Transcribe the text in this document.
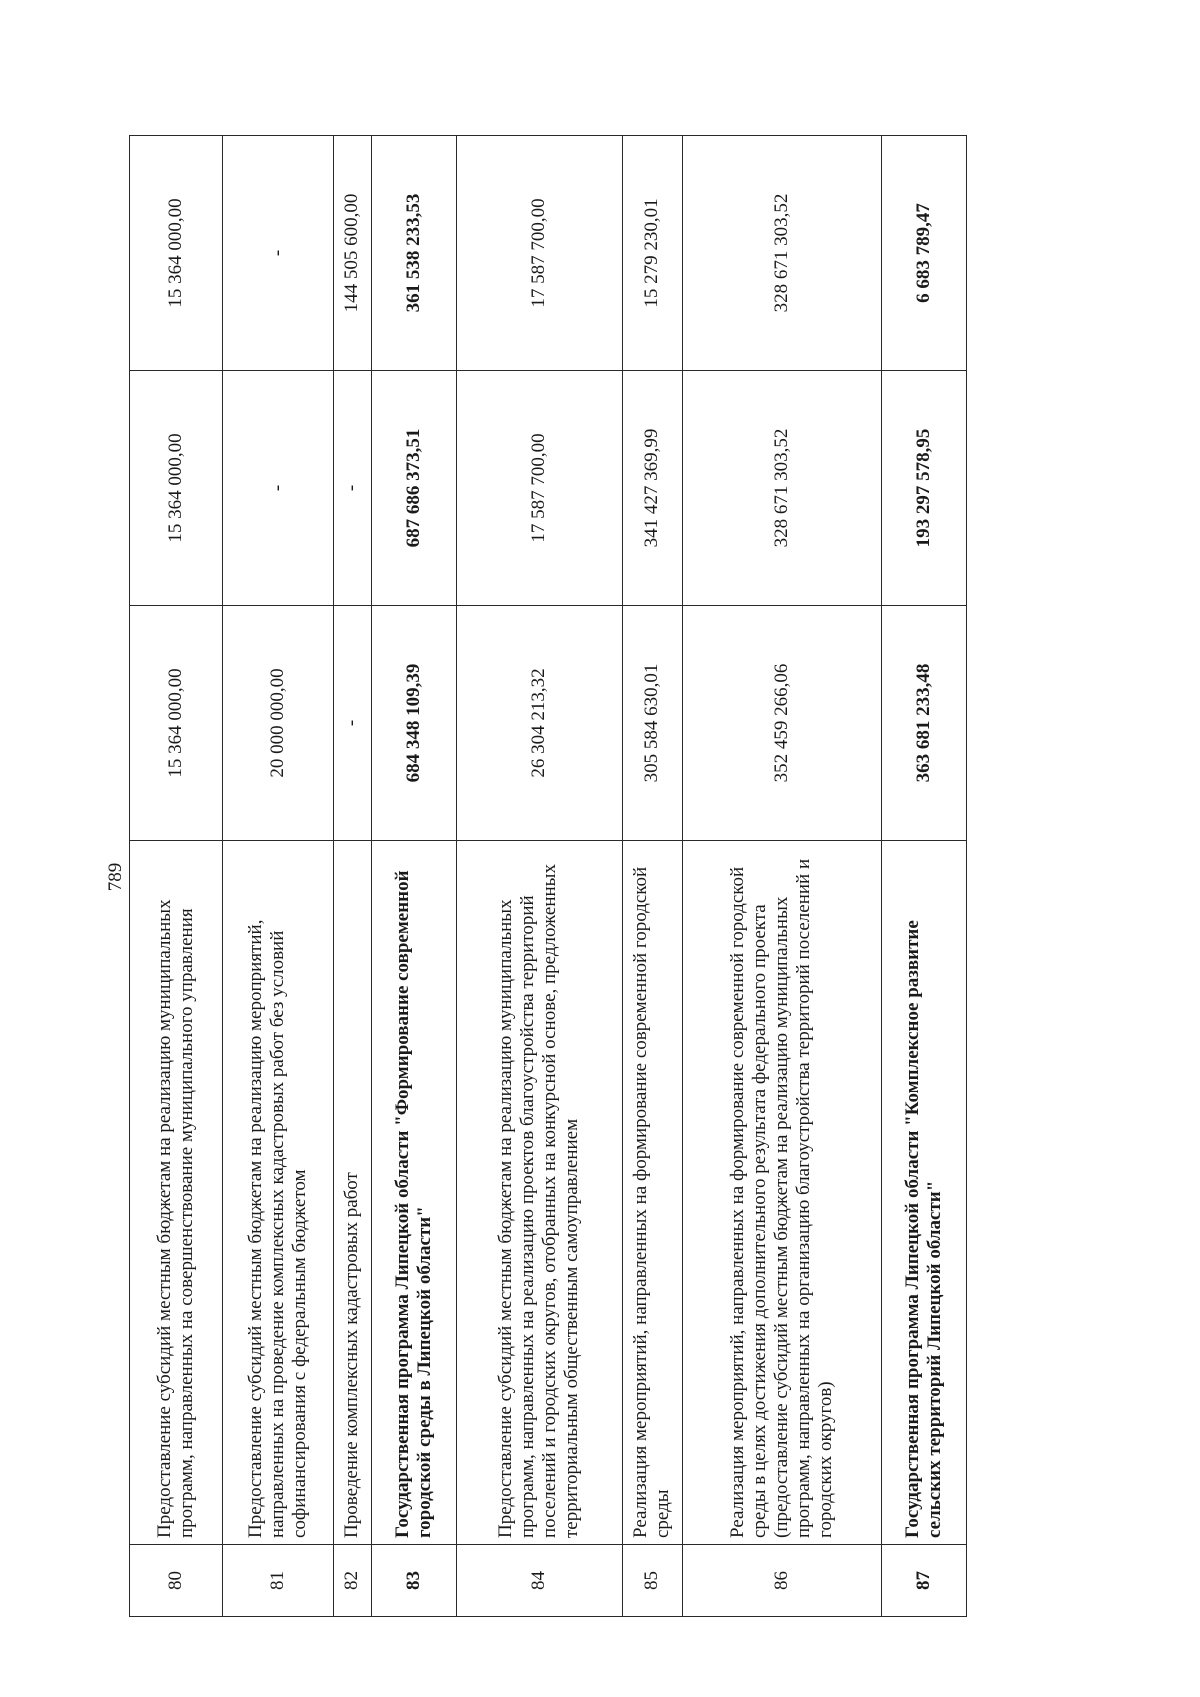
789
80	Предоставление субсидий местным бюджетам на реализацию муниципальных программ, направленных на совершенствование муниципального управления	15 364 000,00	15 364 000,00	15 364 000,00
81	Предоставление субсидий местным бюджетам на реализацию мероприятий, направленных на проведение комплексных кадастровых работ без условий софинансирования с федеральным бюджетом	20 000 000,00	-	-
82	Проведение комплексных кадастровых работ	-	-	144 505 600,00
83	Государственная программа Липецкой области "Формирование современной городской среды в Липецкой области"	684 348 109,39	687 686 373,51	361 538 233,53
84	Предоставление субсидий местным бюджетам на реализацию муниципальных программ, направленных на реализацию проектов благоустройства территорий поселений и городских округов, отобранных на конкурсной основе, предложенных территориальным общественным самоуправлением	26 304 213,32	17 587 700,00	17 587 700,00
85	Реализация мероприятий, направленных на формирование современной городской среды	305 584 630,01	341 427 369,99	15 279 230,01
86	Реализация мероприятий, направленных на формирование современной городской среды в целях достижения дополнительного результата федерального проекта (предоставление субсидий местным бюджетам на реализацию муниципальных программ, направленных на организацию благоустройства территорий поселений и городских округов)	352 459 266,06	328 671 303,52	328 671 303,52
87	Государственная программа Липецкой области "Комплексное развитие сельских территорий Липецкой области"	363 681 233,48	193 297 578,95	6 683 789,47
